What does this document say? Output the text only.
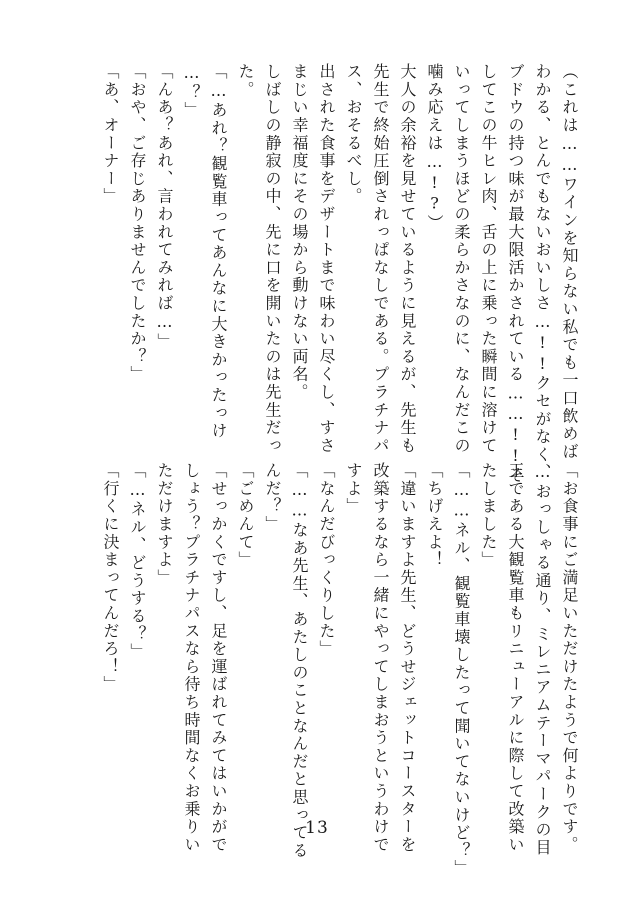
（これは……ワインを知らない私でも一口飲めば
わかる、とんでもないおいしさ…!!クセがなく、
ブドウの持つ味が最大限活かされている……!!そ
してこの牛ヒレ肉、舌の上に乗った瞬間に溶けて
いってしまうほどの柔らかさなのに、なんだこの
噛み応えは…!?）
大人の余裕を見せているように見えるが、先生も
先生で終始圧倒されっぱなしである。プラチナパ
ス、おそるべし。
出された食事をデザートまで味わい尽くし、すさ
まじい幸福度にその場から動けない両名。
しばしの静寂の中、先に口を開いたのは先生だっ
た。
「…あれ？観覧車ってあんなに大きかったっけ
…？」
「んあ？あれ、言われてみれば…」
「おや、ご存じありませんでしたか？」
「あ、オーナー」
「お食事にご満足いただけたようで何よりです。
…おっしゃる通り、ミレニアムテーマパークの目
玉である大観覧車もリニューアルに際して改築い
たしました」
「……ネル、観覧車壊したって聞いてないけど？」
「ちげえよ！
「違いますよ先生、どうせジェットコースターを
改築するなら一緒にやってしまおうというわけで
すよ」
「なんだびっくりした」
「……なあ先生、あたしのことなんだと思ってる
んだ？」
「ごめんて」
「せっかくですし、足を運ばれてみてはいかがで
しょう？プラチナパスなら待ち時間なくお乗りい
ただけますよ」
「…ネル、どうする？」
「行くに決まってんだろ！」
13
